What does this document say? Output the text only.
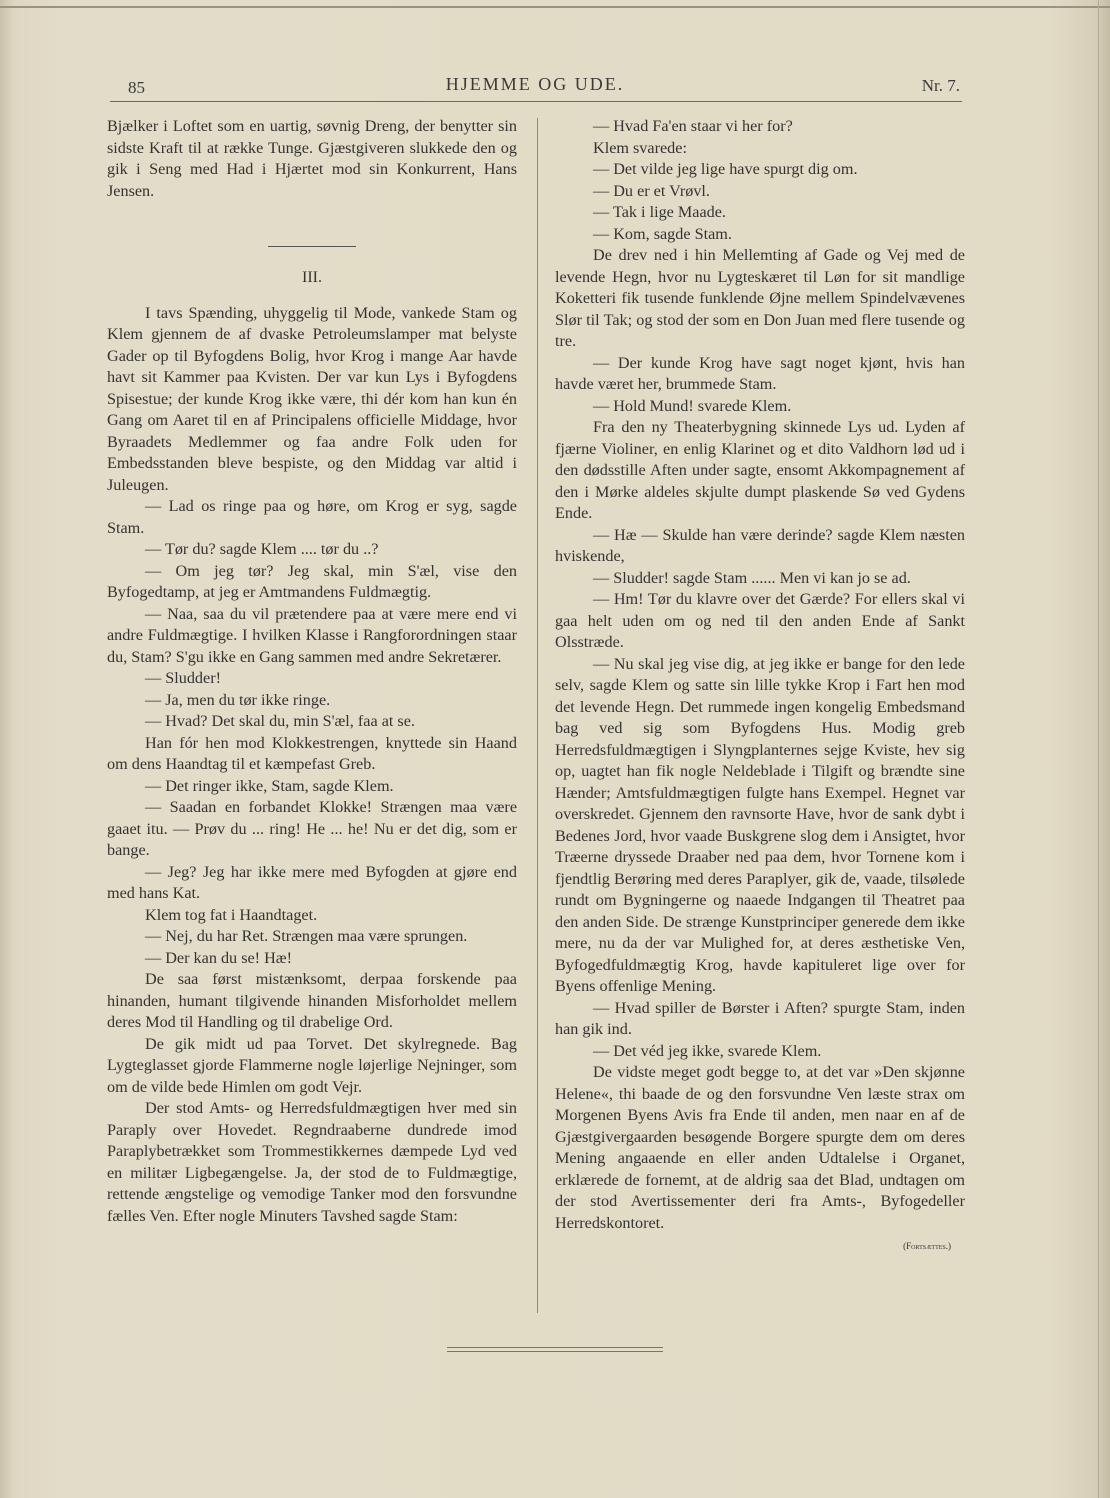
85	HJEMME OG UDE.	Nr. 7.

Bjælker i Loftet som en uartig, søvnig Dreng, der benytter sin sidste Kraft til at række Tunge. Gjæstgiveren slukkede den og gik i Seng med Had i Hjærtet mod sin Konkurrent, Hans Jensen.

III.

I tavs Spænding, uhyggelig til Mode, vankede Stam og Klem gjennem de af dvaske Petroleumslamper mat belyste Gader op til Byfogdens Bolig, hvor Krog i mange Aar havde havt sit Kammer paa Kvisten. Der var kun Lys i Byfogdens Spisestue; der kunde Krog ikke være, thi dér kom han kun én Gang om Aaret til en af Principalens officielle Middage, hvor Byraadets Medlemmer og faa andre Folk uden for Embedsstanden bleve bespiste, og den Middag var altid i Juleugen.

— Lad os ringe paa og høre, om Krog er syg, sagde Stam.

— Tør du? sagde Klem .... tør du ..?

— Om jeg tør? Jeg skal, min S'æl, vise den Byfogedtamp, at jeg er Amtmandens Fuldmægtig.

— Naa, saa du vil prætendere paa at være mere end vi andre Fuldmægtige. I hvilken Klasse i Rangforordningen staar du, Stam? S'gu ikke en Gang sammen med andre Sekretærer.

— Sludder!

— Ja, men du tør ikke ringe.

— Hvad? Det skal du, min S'æl, faa at se.

Han fór hen mod Klokkestrengen, knyttede sin Haand om dens Haandtag til et kæmpefast Greb.

— Det ringer ikke, Stam, sagde Klem.

— Saadan en forbandet Klokke! Strængen maa være gaaet itu. — Prøv du ... ring! He ... he! Nu er det dig, som er bange.

— Jeg? Jeg har ikke mere med Byfogden at gjøre end med hans Kat.

Klem tog fat i Haandtaget.

— Nej, du har Ret. Strængen maa være sprungen.

— Der kan du se! Hæ!

De saa først mistænksomt, derpaa forskende paa hinanden, humant tilgivende hinanden Misforholdet mellem deres Mod til Handling og til drabelige Ord.

De gik midt ud paa Torvet. Det skylregnede. Bag Lygteglasset gjorde Flammerne nogle løjerlige Nejninger, som om de vilde bede Himlen om godt Vejr.

Der stod Amts- og Herredsfuldmægtigen hver med sin Paraply over Hovedet. Regndraaberne dundrede imod Paraplybetrækket som Trommestikkernes dæmpede Lyd ved en militær Ligbegængelse. Ja, der stod de to Fuldmægtige, rettende ængstelige og vemodige Tanker mod den forsvundne fælles Ven. Efter nogle Minuters Tavshed sagde Stam:

— Hvad Fa'en staar vi her for?

Klem svarede:

— Det vilde jeg lige have spurgt dig om.

— Du er et Vrøvl.

— Tak i lige Maade.

— Kom, sagde Stam.

De drev ned i hin Mellemting af Gade og Vej med de levende Hegn, hvor nu Lygteskæret til Løn for sit mandlige Koketteri fik tusende funklende Øjne mellem Spindelvævenes Slør til Tak; og stod der som en Don Juan med flere tusende og tre.

— Der kunde Krog have sagt noget kjønt, hvis han havde været her, brummede Stam.

— Hold Mund! svarede Klem.

Fra den ny Theaterbygning skinnede Lys ud. Lyden af fjærne Violiner, en enlig Klarinet og et dito Valdhorn lød ud i den dødsstille Aften under sagte, ensomt Akkompagnement af den i Mørke aldeles skjulte dumpt plaskende Sø ved Gydens Ende.

— Hæ — Skulde han være derinde? sagde Klem næsten hviskende,

— Sludder! sagde Stam ...... Men vi kan jo se ad.

— Hm! Tør du klavre over det Gærde? For ellers skal vi gaa helt uden om og ned til den anden Ende af Sankt Olsstræde.

— Nu skal jeg vise dig, at jeg ikke er bange for den lede selv, sagde Klem og satte sin lille tykke Krop i Fart hen mod det levende Hegn. Det rummede ingen kongelig Embedsmand bag ved sig som Byfogdens Hus. Modig greb Herredsfuldmægtigen i Slyngplanternes sejge Kviste, hev sig op, uagtet han fik nogle Neldeblade i Tilgift og brændte sine Hænder; Amtsfuldmægtigen fulgte hans Exempel. Hegnet var overskredet. Gjennem den ravnsorte Have, hvor de sank dybt i Bedenes Jord, hvor vaade Buskgrene slog dem i Ansigtet, hvor Træerne dryssede Draaber ned paa dem, hvor Tornene kom i fjendtlig Berøring med deres Paraplyer, gik de, vaade, tilsølede rundt om Bygningerne og naaede Indgangen til Theatret paa den anden Side. De strænge Kunstprinciper generede dem ikke mere, nu da der var Mulighed for, at deres æsthetiske Ven, Byfogedfuldmægtig Krog, havde kapituleret lige over for Byens offenlige Mening.

— Hvad spiller de Børster i Aften? spurgte Stam, inden han gik ind.

— Det véd jeg ikke, svarede Klem.

De vidste meget godt begge to, at det var »Den skjønne Helene«, thi baade de og den forsvundne Ven læste strax om Morgenen Byens Avis fra Ende til anden, men naar en af de Gjæstgivergaarden besøgende Borgere spurgte dem om deres Mening angaaende en eller anden Udtalelse i Organet, erklærede de fornemt, at de aldrig saa det Blad, undtagen om der stod Avertissementer deri fra Amts-, Byfogedeller Herredskontoret.

(Fortsættes.)
